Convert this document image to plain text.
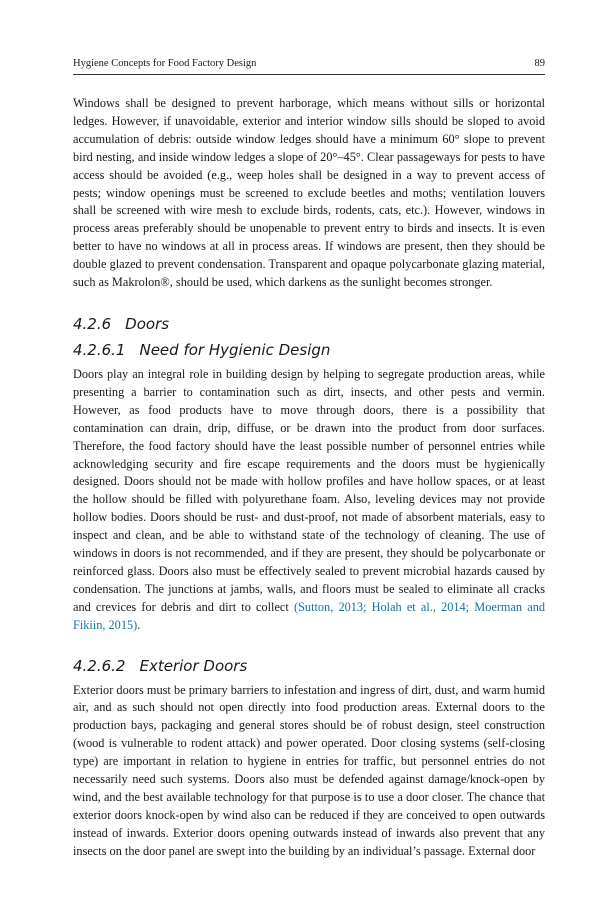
Hygiene Concepts for Food Factory Design	89

Windows shall be designed to prevent harborage, which means without sills or horizontal ledges. However, if unavoidable, exterior and interior window sills should be sloped to avoid accumulation of debris: outside window ledges should have a minimum 60° slope to prevent bird nesting, and inside window ledges a slope of 20°–45°. Clear passageways for pests to have access should be avoided (e.g., weep holes shall be designed in a way to prevent access of pests; window openings must be screened to exclude beetles and moths; ventilation louvers shall be screened with wire mesh to exclude birds, rodents, cats, etc.). However, windows in process areas preferably should be unopenable to prevent entry to birds and insects. It is even better to have no windows at all in process areas. If windows are present, then they should be double glazed to prevent condensation. Transparent and opaque polycarbonate glazing material, such as Makrolon®, should be used, which darkens as the sunlight becomes stronger.

4.2.6 Doors
4.2.6.1 Need for Hygienic Design

Doors play an integral role in building design by helping to segregate production areas, while presenting a barrier to contamination such as dirt, insects, and other pests and vermin. However, as food products have to move through doors, there is a possibility that contamination can drain, drip, diffuse, or be drawn into the product from door surfaces. Therefore, the food factory should have the least possible number of personnel entries while acknowledging security and fire escape requirements and the doors must be hygienically designed. Doors should not be made with hollow profiles and have hollow spaces, or at least the hollow should be filled with polyurethane foam. Also, leveling devices may not provide hollow bodies. Doors should be rust- and dust-proof, not made of absorbent materials, easy to inspect and clean, and be able to withstand state of the technology of cleaning. The use of windows in doors is not recommended, and if they are present, they should be polycarbonate or reinforced glass. Doors also must be effectively sealed to prevent microbial hazards caused by condensation. The junctions at jambs, walls, and floors must be sealed to eliminate all cracks and crevices for debris and dirt to collect (Sutton, 2013; Holah et al., 2014; Moerman and Fikiin, 2015).

4.2.6.2 Exterior Doors

Exterior doors must be primary barriers to infestation and ingress of dirt, dust, and warm humid air, and as such should not open directly into food production areas. External doors to the production bays, packaging and general stores should be of robust design, steel construction (wood is vulnerable to rodent attack) and power operated. Door closing systems (self-closing type) are important in relation to hygiene in entries for traffic, but personnel entries do not necessarily need such systems. Doors also must be defended against damage/knock-open by wind, and the best available technology for that purpose is to use a door closer. The chance that exterior doors knock-open by wind also can be reduced if they are conceived to open outwards instead of inwards. Exterior doors opening outwards instead of inwards also prevent that any insects on the door panel are swept into the building by an individual’s passage. External door
